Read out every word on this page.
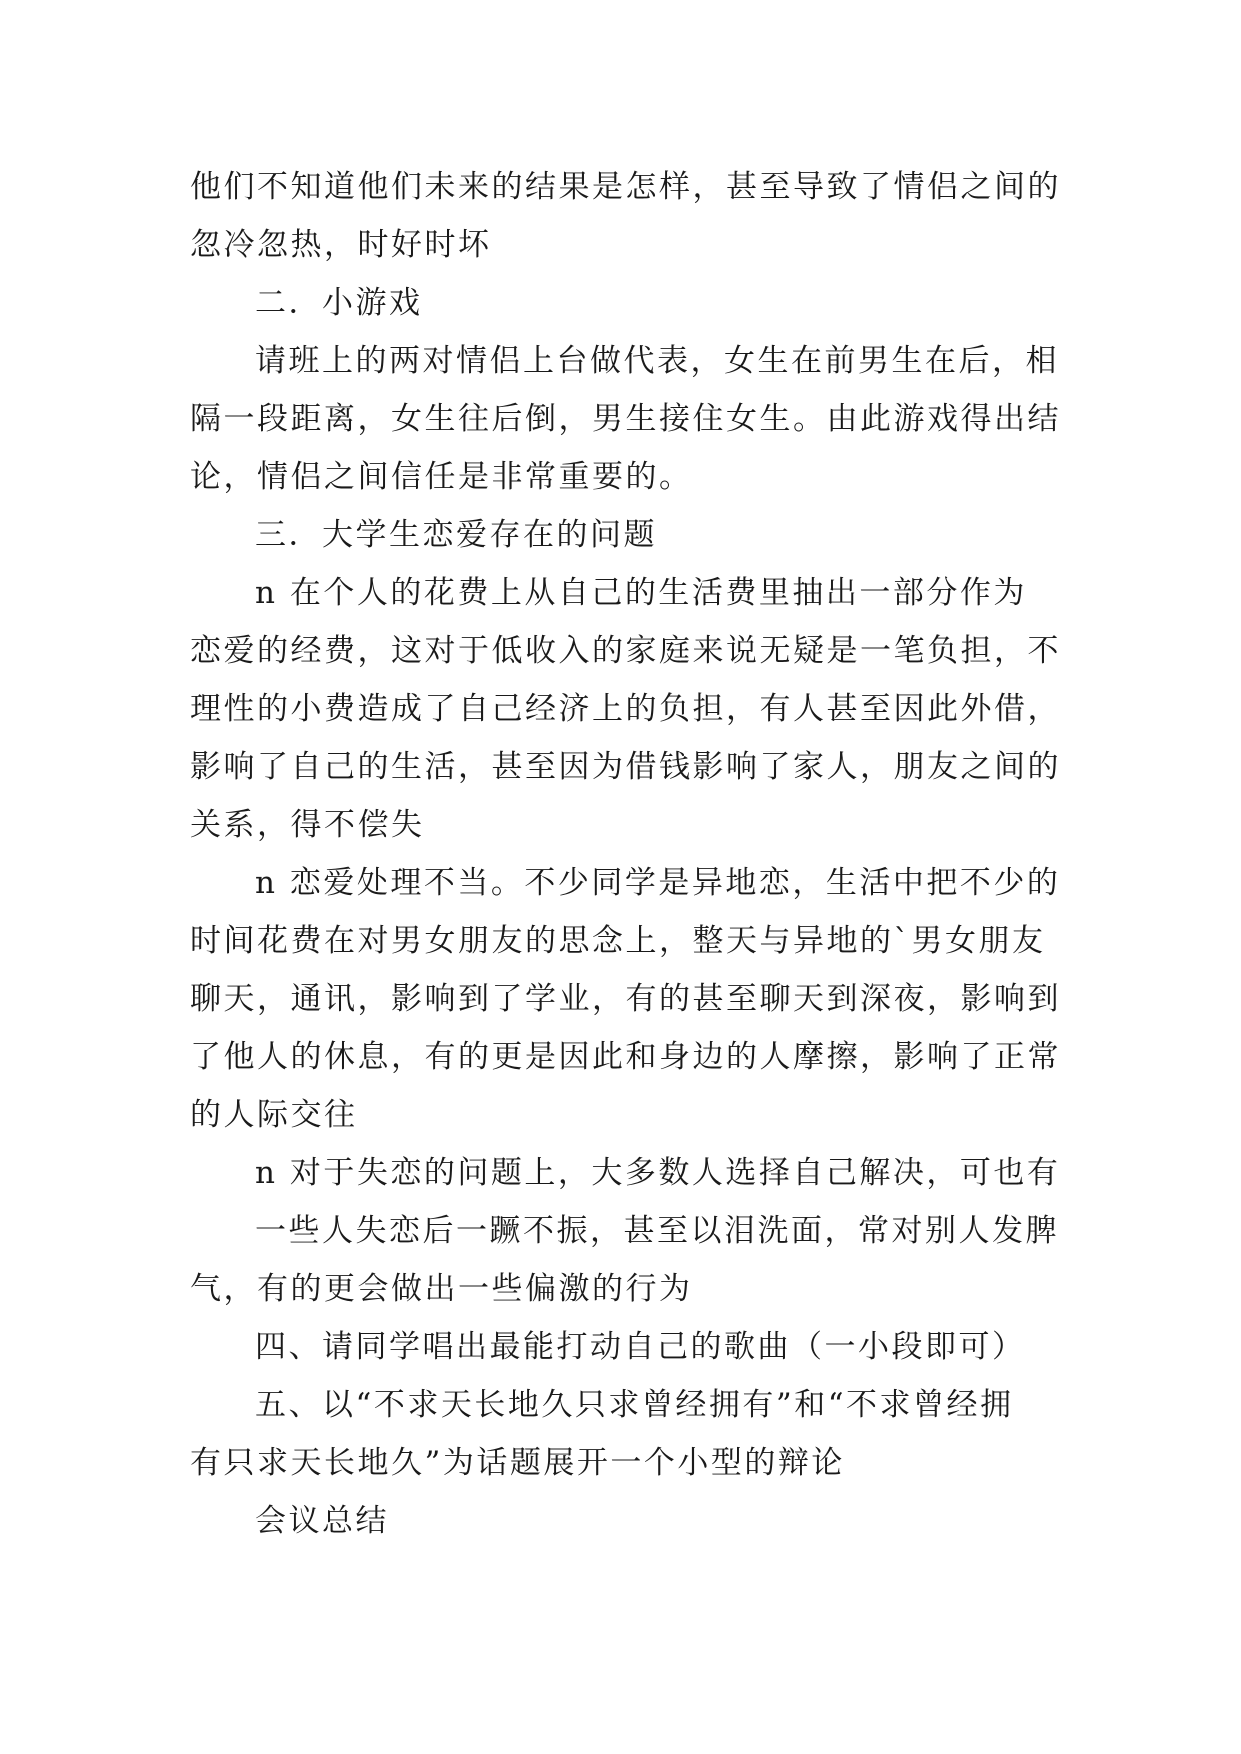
他们不知道他们未来的结果是怎样，甚至导致了情侣之间的
忽冷忽热，时好时坏
二．小游戏
请班上的两对情侣上台做代表，女生在前男生在后，相
隔一段距离，女生往后倒，男生接住女生。由此游戏得出结
论，情侣之间信任是非常重要的。
三．大学生恋爱存在的问题
n 在个人的花费上从自己的生活费里抽出一部分作为
恋爱的经费，这对于低收入的家庭来说无疑是一笔负担，不
理性的小费造成了自己经济上的负担，有人甚至因此外借，
影响了自己的生活，甚至因为借钱影响了家人，朋友之间的
关系，得不偿失
n 恋爱处理不当。不少同学是异地恋，生活中把不少的
时间花费在对男女朋友的思念上，整天与异地的`男女朋友
聊天，通讯，影响到了学业，有的甚至聊天到深夜，影响到
了他人的休息，有的更是因此和身边的人摩擦，影响了正常
的人际交往
n 对于失恋的问题上，大多数人选择自己解决，可也有
一些人失恋后一蹶不振，甚至以泪洗面，常对别人发脾
气，有的更会做出一些偏激的行为
四、请同学唱出最能打动自己的歌曲（一小段即可）
五、以“不求天长地久只求曾经拥有”和“不求曾经拥
有只求天长地久”为话题展开一个小型的辩论
会议总结
